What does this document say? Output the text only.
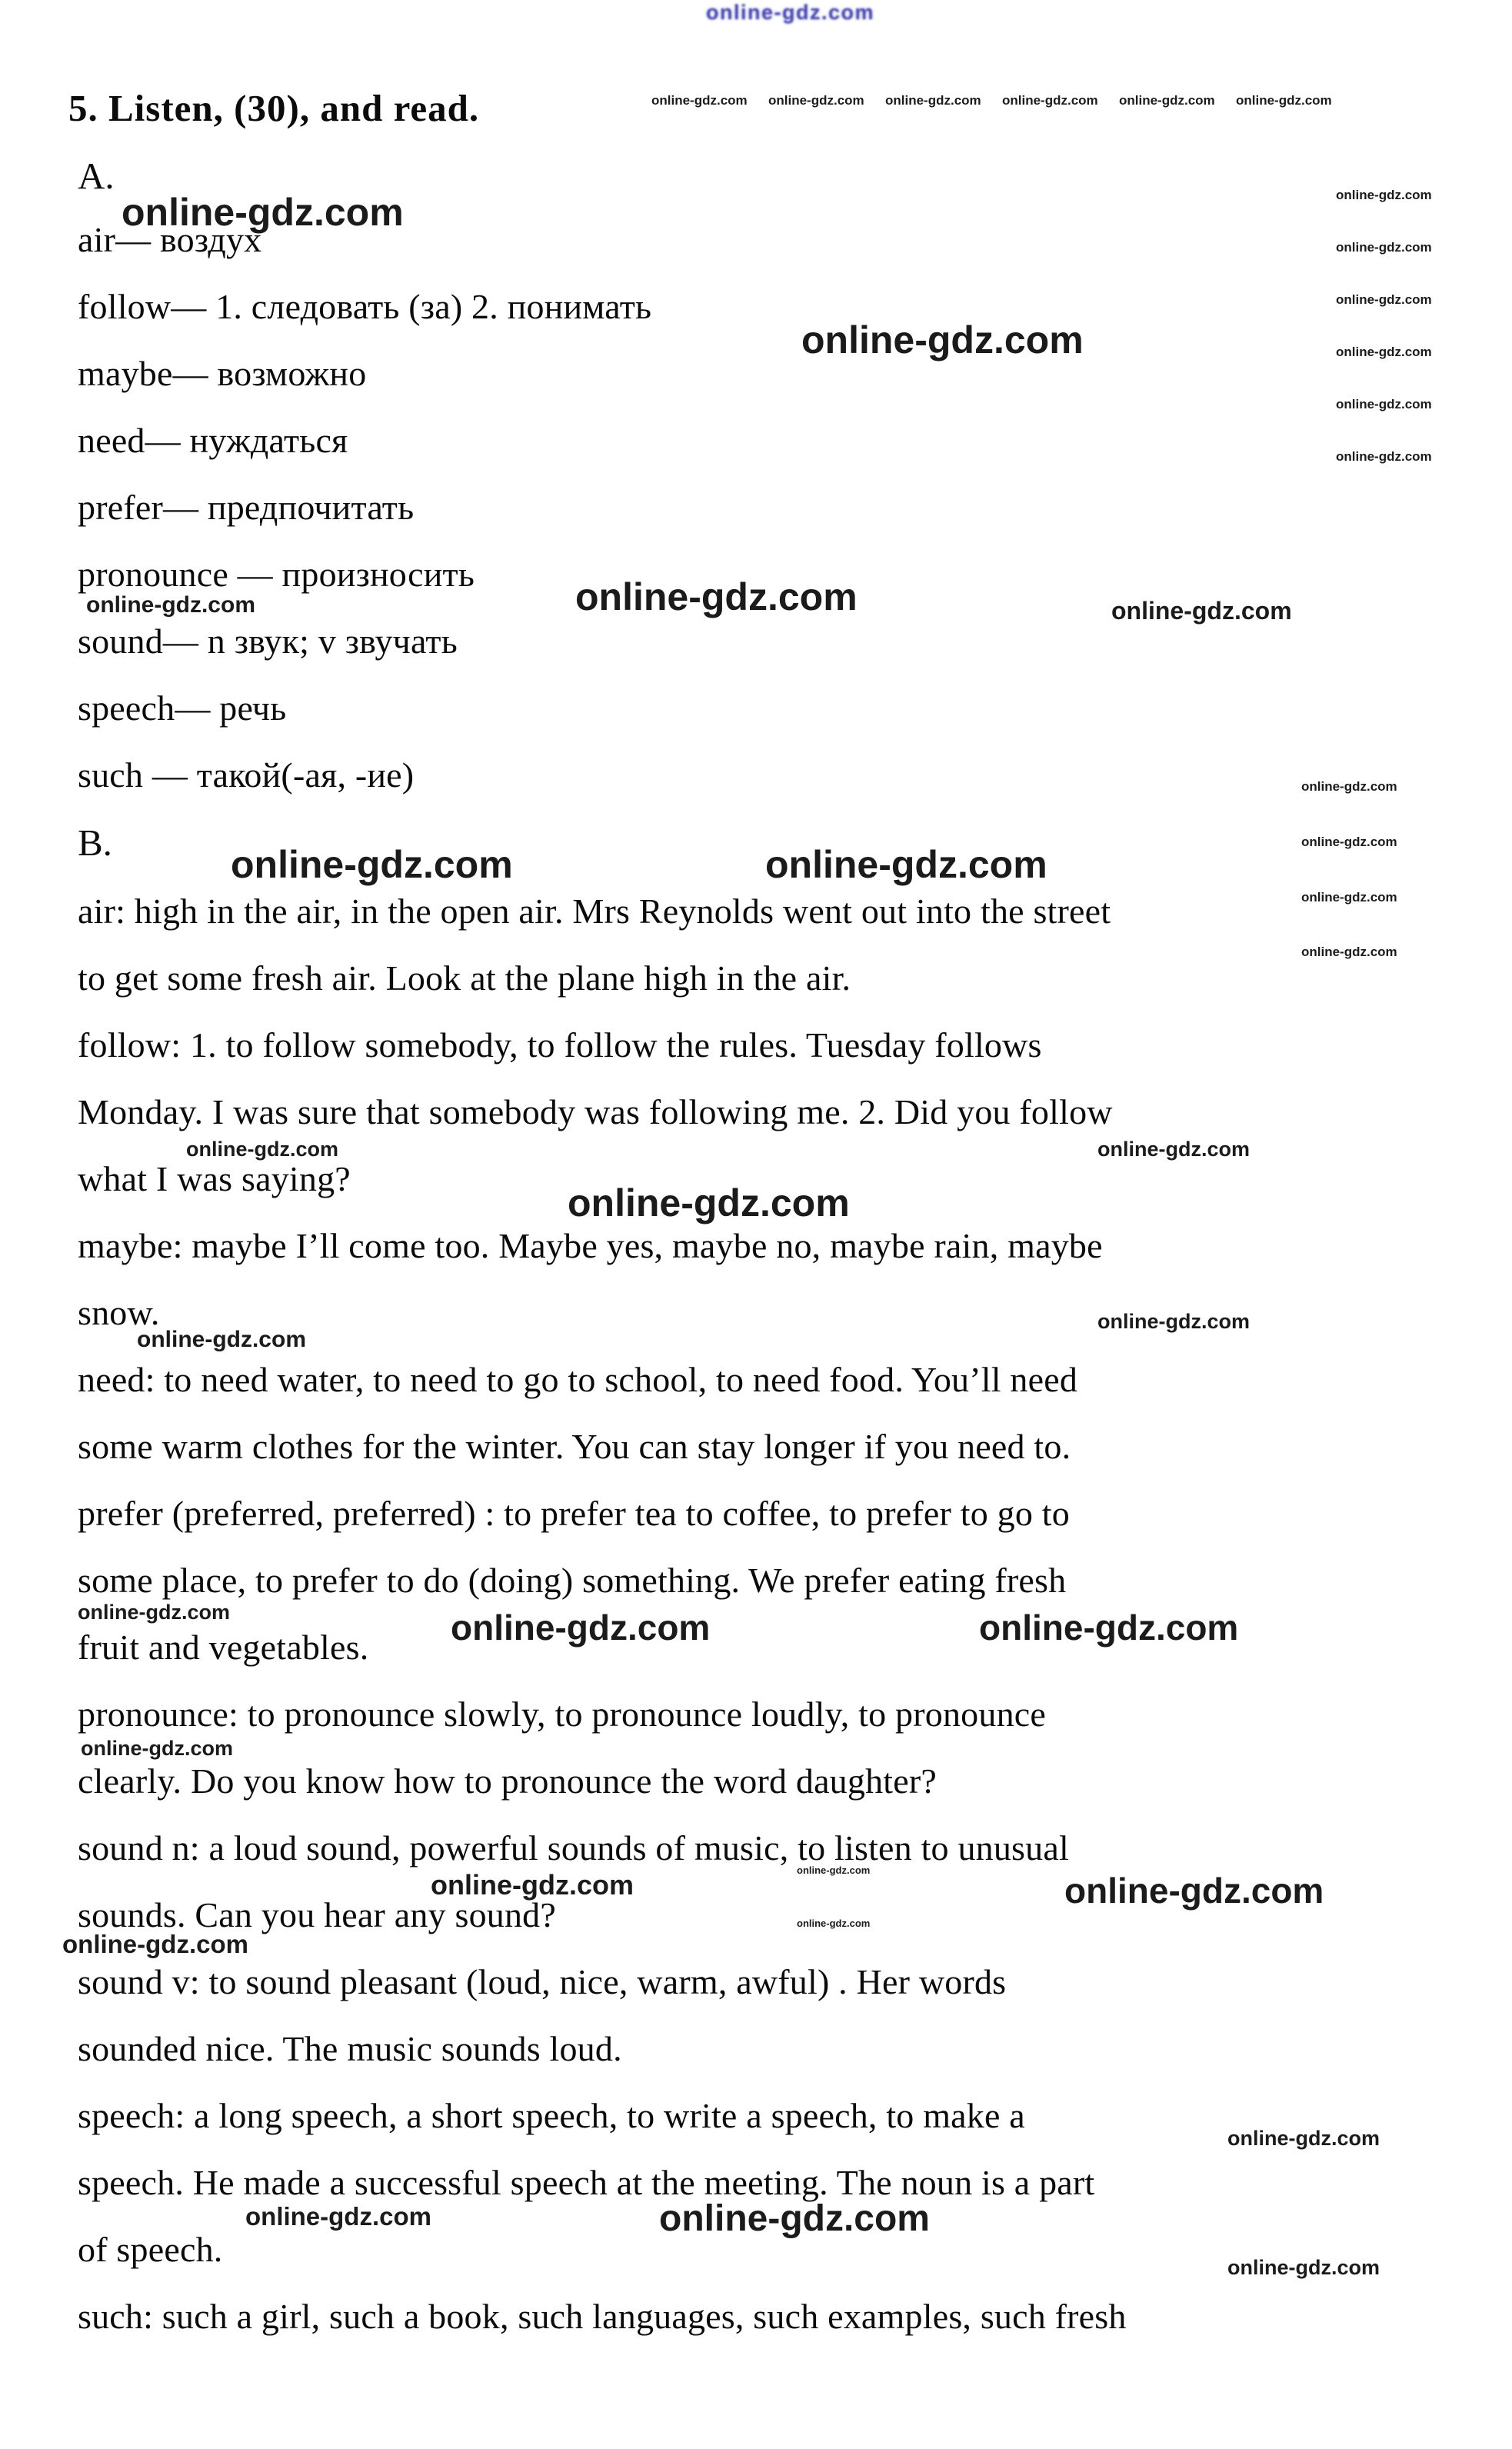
5. Listen, (30), and read.
A.
air— воздух
follow— 1. следовать (за) 2. понимать
maybe— возможно
need— нуждаться
prefer— предпочитать
pronounce — произносить
sound— n звук; v звучать
speech— речь
such — такой(-ая, -ие)
B.
air: high in the air, in the open air. Mrs Reynolds went out into the street
to get some fresh air. Look at the plane high in the air.
follow: 1. to follow somebody, to follow the rules. Tuesday follows
Monday. I was sure that somebody was following me. 2. Did you follow
what I was saying?
maybe: maybe I’ll come too. Maybe yes, maybe no, maybe rain, maybe
snow.
need: to need water, to need to go to school, to need food. You’ll need
some warm clothes for the winter. You can stay longer if you need to.
prefer (preferred, preferred) : to prefer tea to coffee, to prefer to go to
some place, to prefer to do (doing) something. We prefer eating fresh
fruit and vegetables.
pronounce: to pronounce slowly, to pronounce loudly, to pronounce
clearly. Do you know how to pronounce the word daughter?
sound n: a loud sound, powerful sounds of music, to listen to unusual
sounds. Can you hear any sound?
sound v: to sound pleasant (loud, nice, warm, awful) . Her words
sounded nice. The music sounds loud.
speech: a long speech, a short speech, to write a speech, to make a
speech. He made a successful speech at the meeting. The noun is a part
of speech.
such: such a girl, such a book, such languages, such examples, such fresh
online-gdz.com
online-gdz.com online-gdz.com online-gdz.com online-gdz.com online-gdz.com online-gdz.com
online-gdz.com	online-gdz.com
online-gdz.com
online-gdz.com
online-gdz.com
online-gdz.com
online-gdz.com
online-gdz.com
online-gdz.com	online-gdz.com	online-gdz.com
online-gdz.com	online-gdz.com
online-gdz.com
online-gdz.com
online-gdz.com
online-gdz.com
online-gdz.com	online-gdz.com
online-gdz.com
online-gdz.com
online-gdz.com
online-gdz.com	online-gdz.com	online-gdz.com
online-gdz.com
online-gdz.com	online-gdz.com
online-gdz.com
online-gdz.com
online-gdz.com
online-gdz.com
online-gdz.com	online-gdz.com
online-gdz.com
